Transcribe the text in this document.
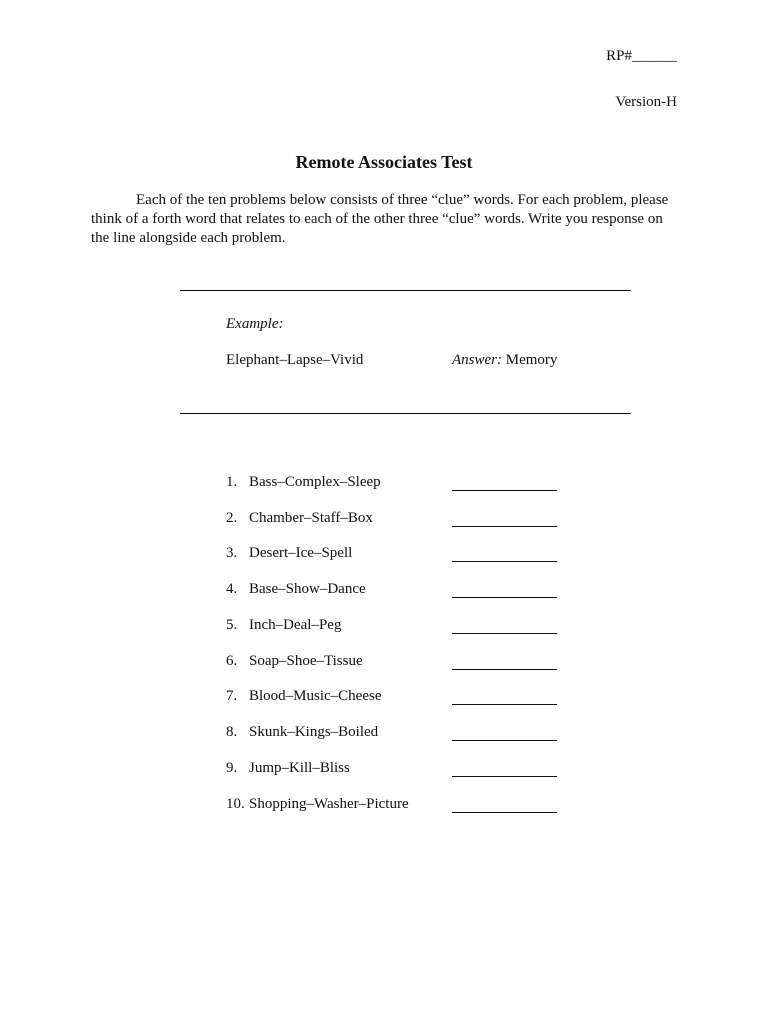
RP#______
Version-H
Remote Associates Test

Each of the ten problems below consists of three “clue” words. For each problem, please think of a forth word that relates to each of the other three “clue” words. Write you response on the line alongside each problem.

Example:
Elephant–Lapse–Vivid	Answer: Memory
1. Bass–Complex–Sleep
2. Chamber–Staff–Box
3. Desert–Ice–Spell
4. Base–Show–Dance
5. Inch–Deal–Peg
6. Soap–Shoe–Tissue
7. Blood–Music–Cheese
8. Skunk–Kings–Boiled
9. Jump–Kill–Bliss
10. Shopping–Washer–Picture
